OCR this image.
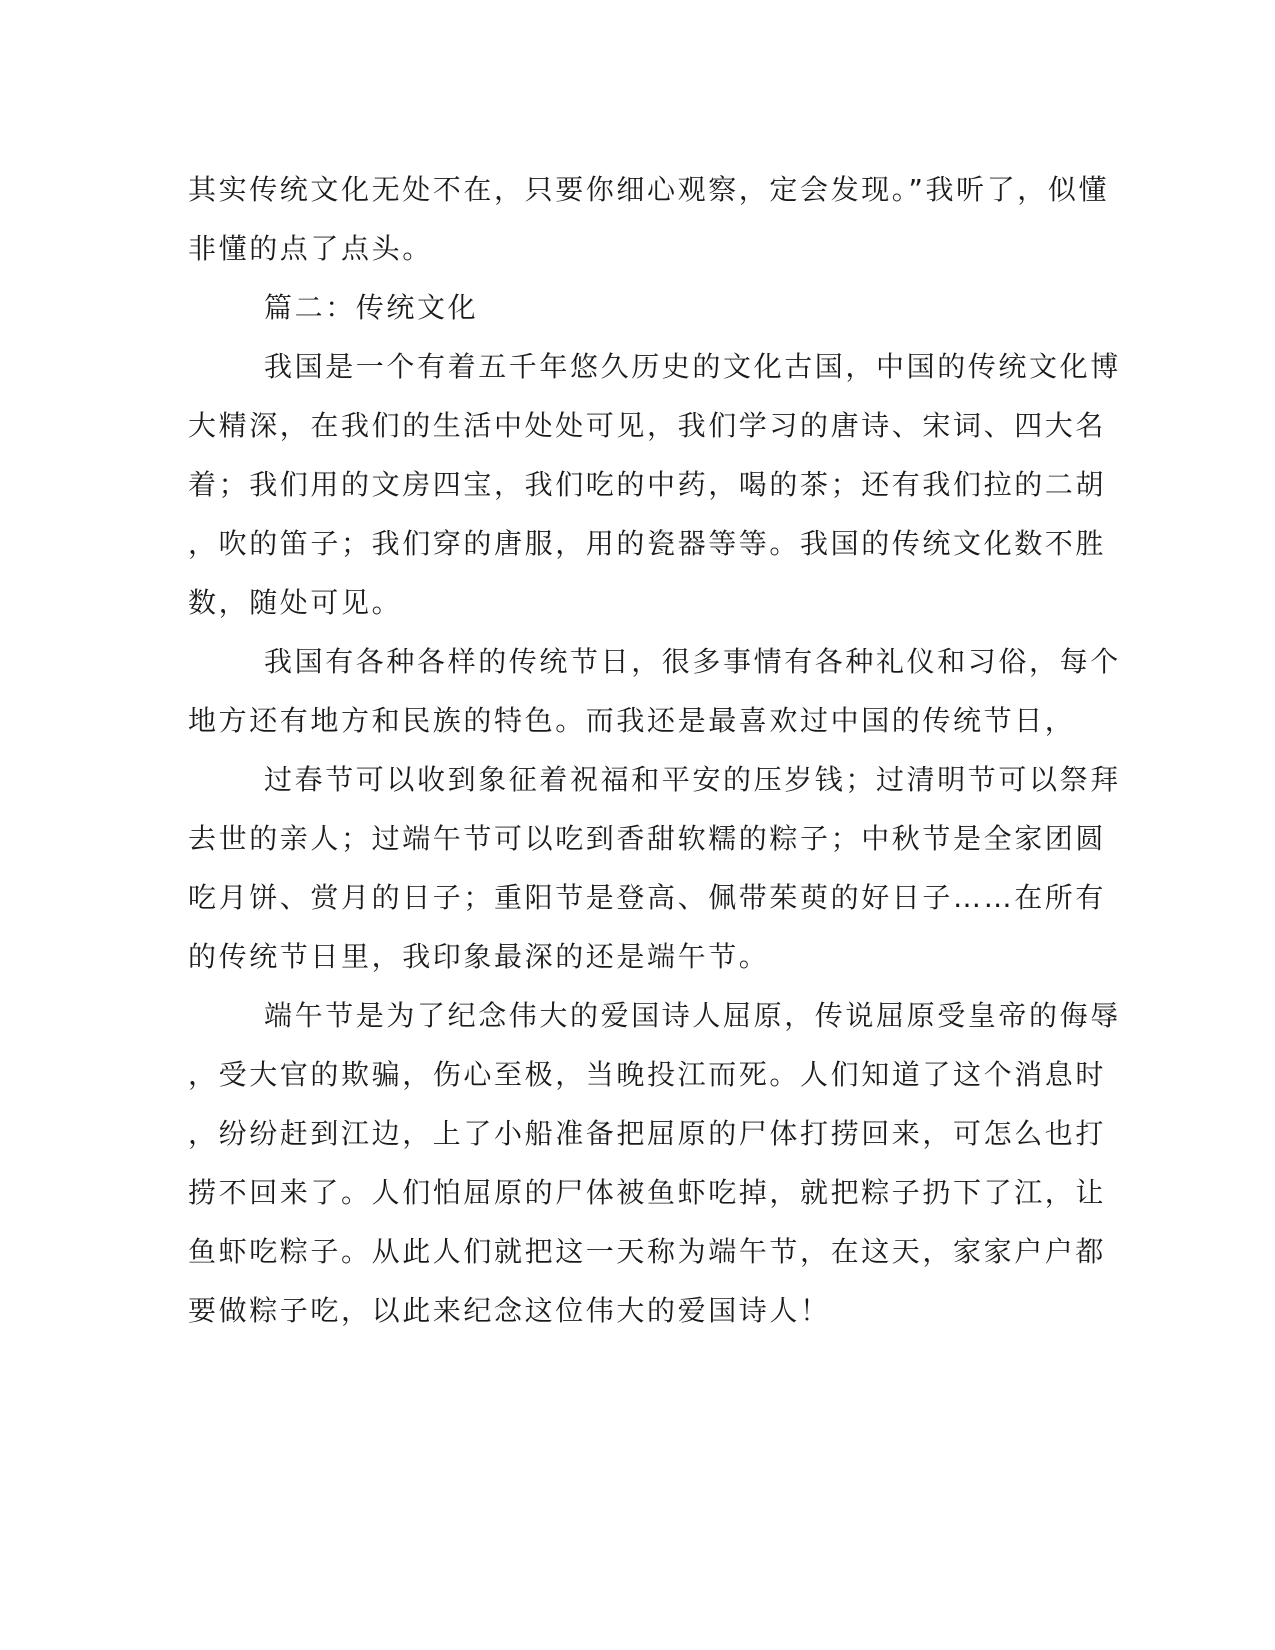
其实传统文化无处不在，只要你细心观察，定会发现。”我听了，似懂
非懂的点了点头。
篇二：传统文化
我国是一个有着五千年悠久历史的文化古国，中国的传统文化博
大精深，在我们的生活中处处可见，我们学习的唐诗、宋词、四大名
着；我们用的文房四宝，我们吃的中药，喝的茶；还有我们拉的二胡
，吹的笛子；我们穿的唐服，用的瓷器等等。我国的传统文化数不胜
数，随处可见。
我国有各种各样的传统节日，很多事情有各种礼仪和习俗，每个
地方还有地方和民族的特色。而我还是最喜欢过中国的传统节日，
过春节可以收到象征着祝福和平安的压岁钱；过清明节可以祭拜
去世的亲人；过端午节可以吃到香甜软糯的粽子；中秋节是全家团圆
吃月饼、赏月的日子；重阳节是登高、佩带茱萸的好日子……在所有
的传统节日里，我印象最深的还是端午节。
端午节是为了纪念伟大的爱国诗人屈原，传说屈原受皇帝的侮辱
，受大官的欺骗，伤心至极，当晚投江而死。人们知道了这个消息时
，纷纷赶到江边，上了小船准备把屈原的尸体打捞回来，可怎么也打
捞不回来了。人们怕屈原的尸体被鱼虾吃掉，就把粽子扔下了江，让
鱼虾吃粽子。从此人们就把这一天称为端午节，在这天，家家户户都
要做粽子吃，以此来纪念这位伟大的爱国诗人！
